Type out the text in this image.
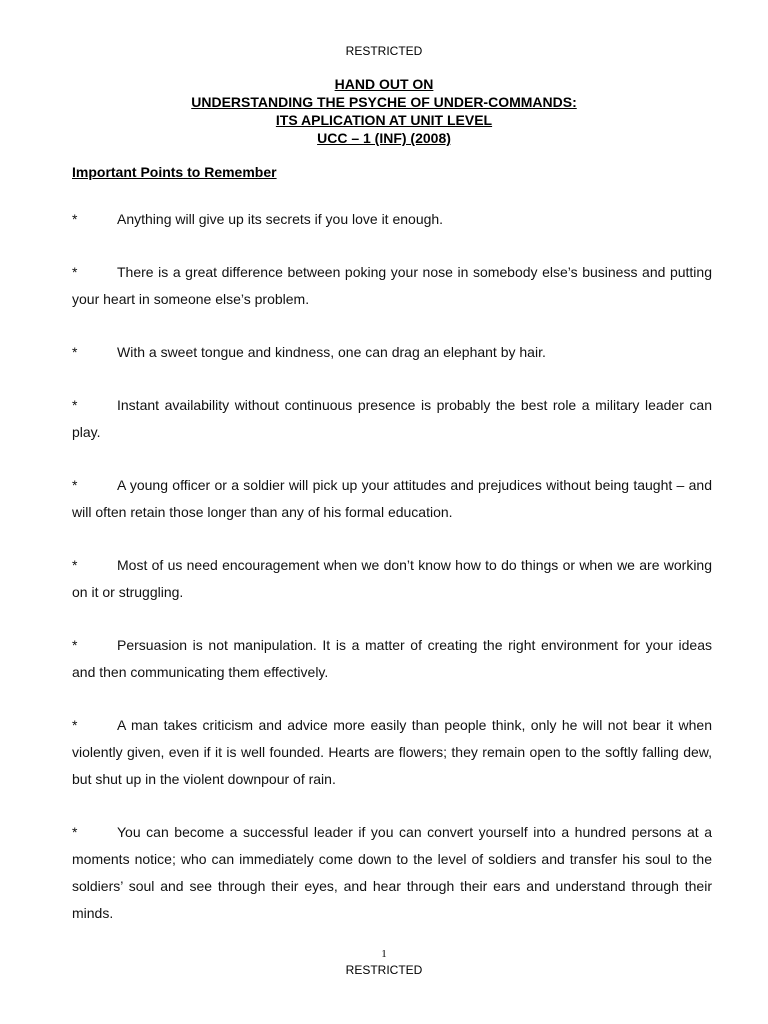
RESTRICTED
HAND OUT ON
UNDERSTANDING THE PSYCHE OF UNDER-COMMANDS:
ITS APLICATION AT UNIT LEVEL
UCC – 1 (INF) (2008)
Important Points to Remember
*	Anything will give up its secrets if you love it enough.
*	There is a great difference between poking your nose in somebody else’s business and putting your heart in someone else’s problem.
*	With a sweet tongue and kindness, one can drag an elephant by hair.
*	Instant availability without continuous presence is probably the best role a military leader can play.
*	A young officer or a soldier will pick up your attitudes and prejudices without being taught – and will often retain those longer than any of his formal education.
*	Most of us need encouragement when we don’t know how to do things or when we are working on it or struggling.
*	Persuasion is not manipulation. It is a matter of creating the right environment for your ideas and then communicating them effectively.
*	A man takes criticism and advice more easily than people think, only he will not bear it when violently given, even if it is well founded. Hearts are flowers; they remain open to the softly falling dew, but shut up in the violent downpour of rain.
*	You can become a successful leader if you can convert yourself into a hundred persons at a moments notice; who can immediately come down to the level of soldiers and transfer his soul to the soldiers’ soul and see through their eyes, and hear through their ears and understand through their minds.
1
RESTRICTED
